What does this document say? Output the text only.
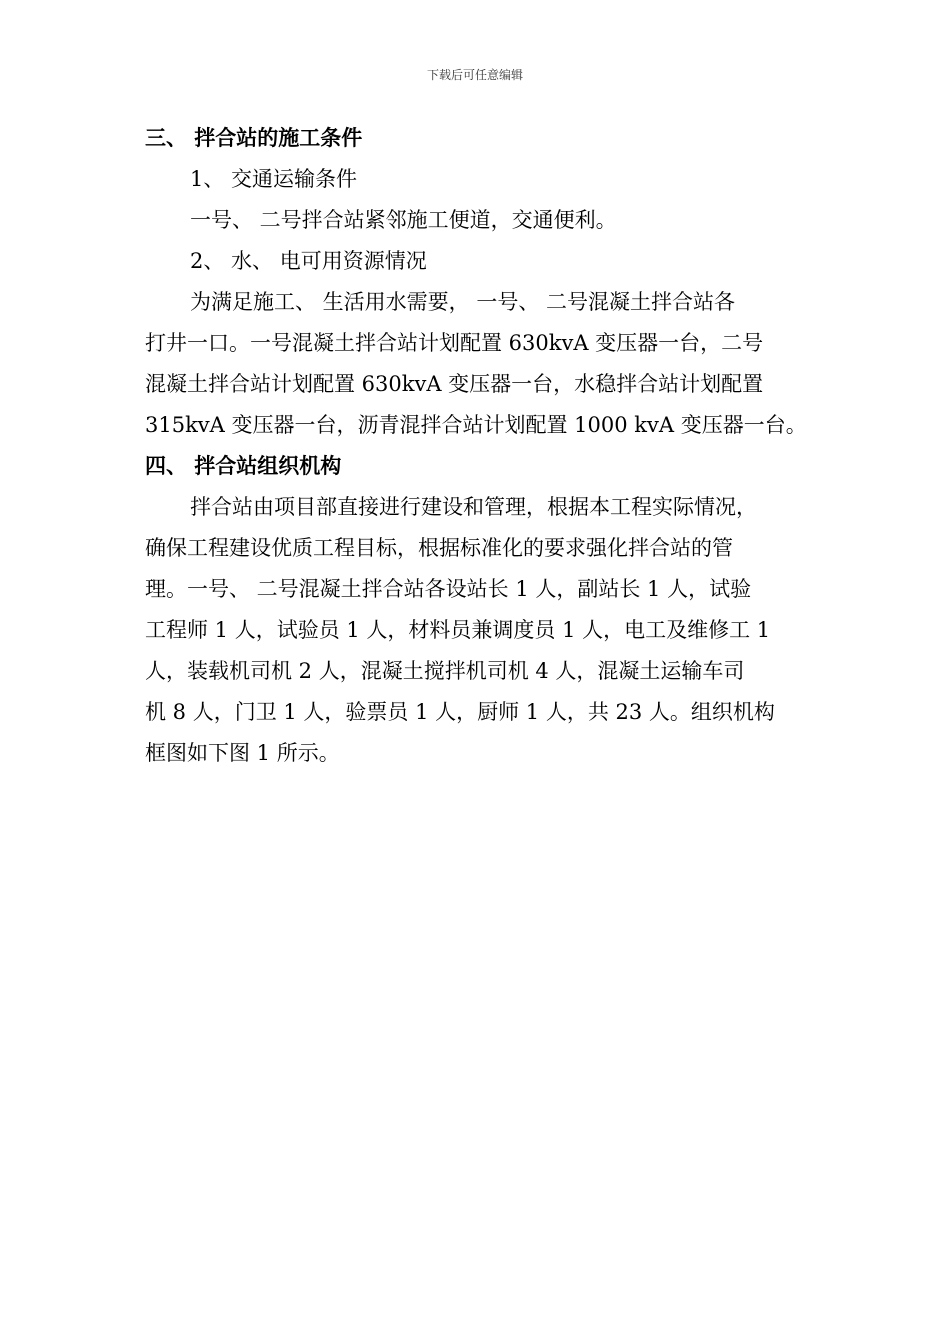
下载后可任意编辑
三、 拌合站的施工条件
1、 交通运输条件
一号、 二号拌合站紧邻施工便道，交通便利。
2、 水、 电可用资源情况
为满足施工、 生活用水需要， 一号、 二号混凝土拌合站各
打井一口。一号混凝土拌合站计划配置 630kvA 变压器一台，二号
混凝土拌合站计划配置 630kvA 变压器一台，水稳拌合站计划配置
315kvA 变压器一台，沥青混拌合站计划配置 1000 kvA 变压器一台。
四、 拌合站组织机构
拌合站由项目部直接进行建设和管理，根据本工程实际情况，
确保工程建设优质工程目标，根据标准化的要求强化拌合站的管
理。一号、 二号混凝土拌合站各设站长 1 人，副站长 1 人，试验
工程师 1 人，试验员 1 人，材料员兼调度员 1 人，电工及维修工 1
人，装载机司机 2 人，混凝土搅拌机司机 4 人，混凝土运输车司
机 8 人，门卫 1 人，验票员 1 人，厨师 1 人，共 23 人。组织机构
框图如下图 1 所示。
